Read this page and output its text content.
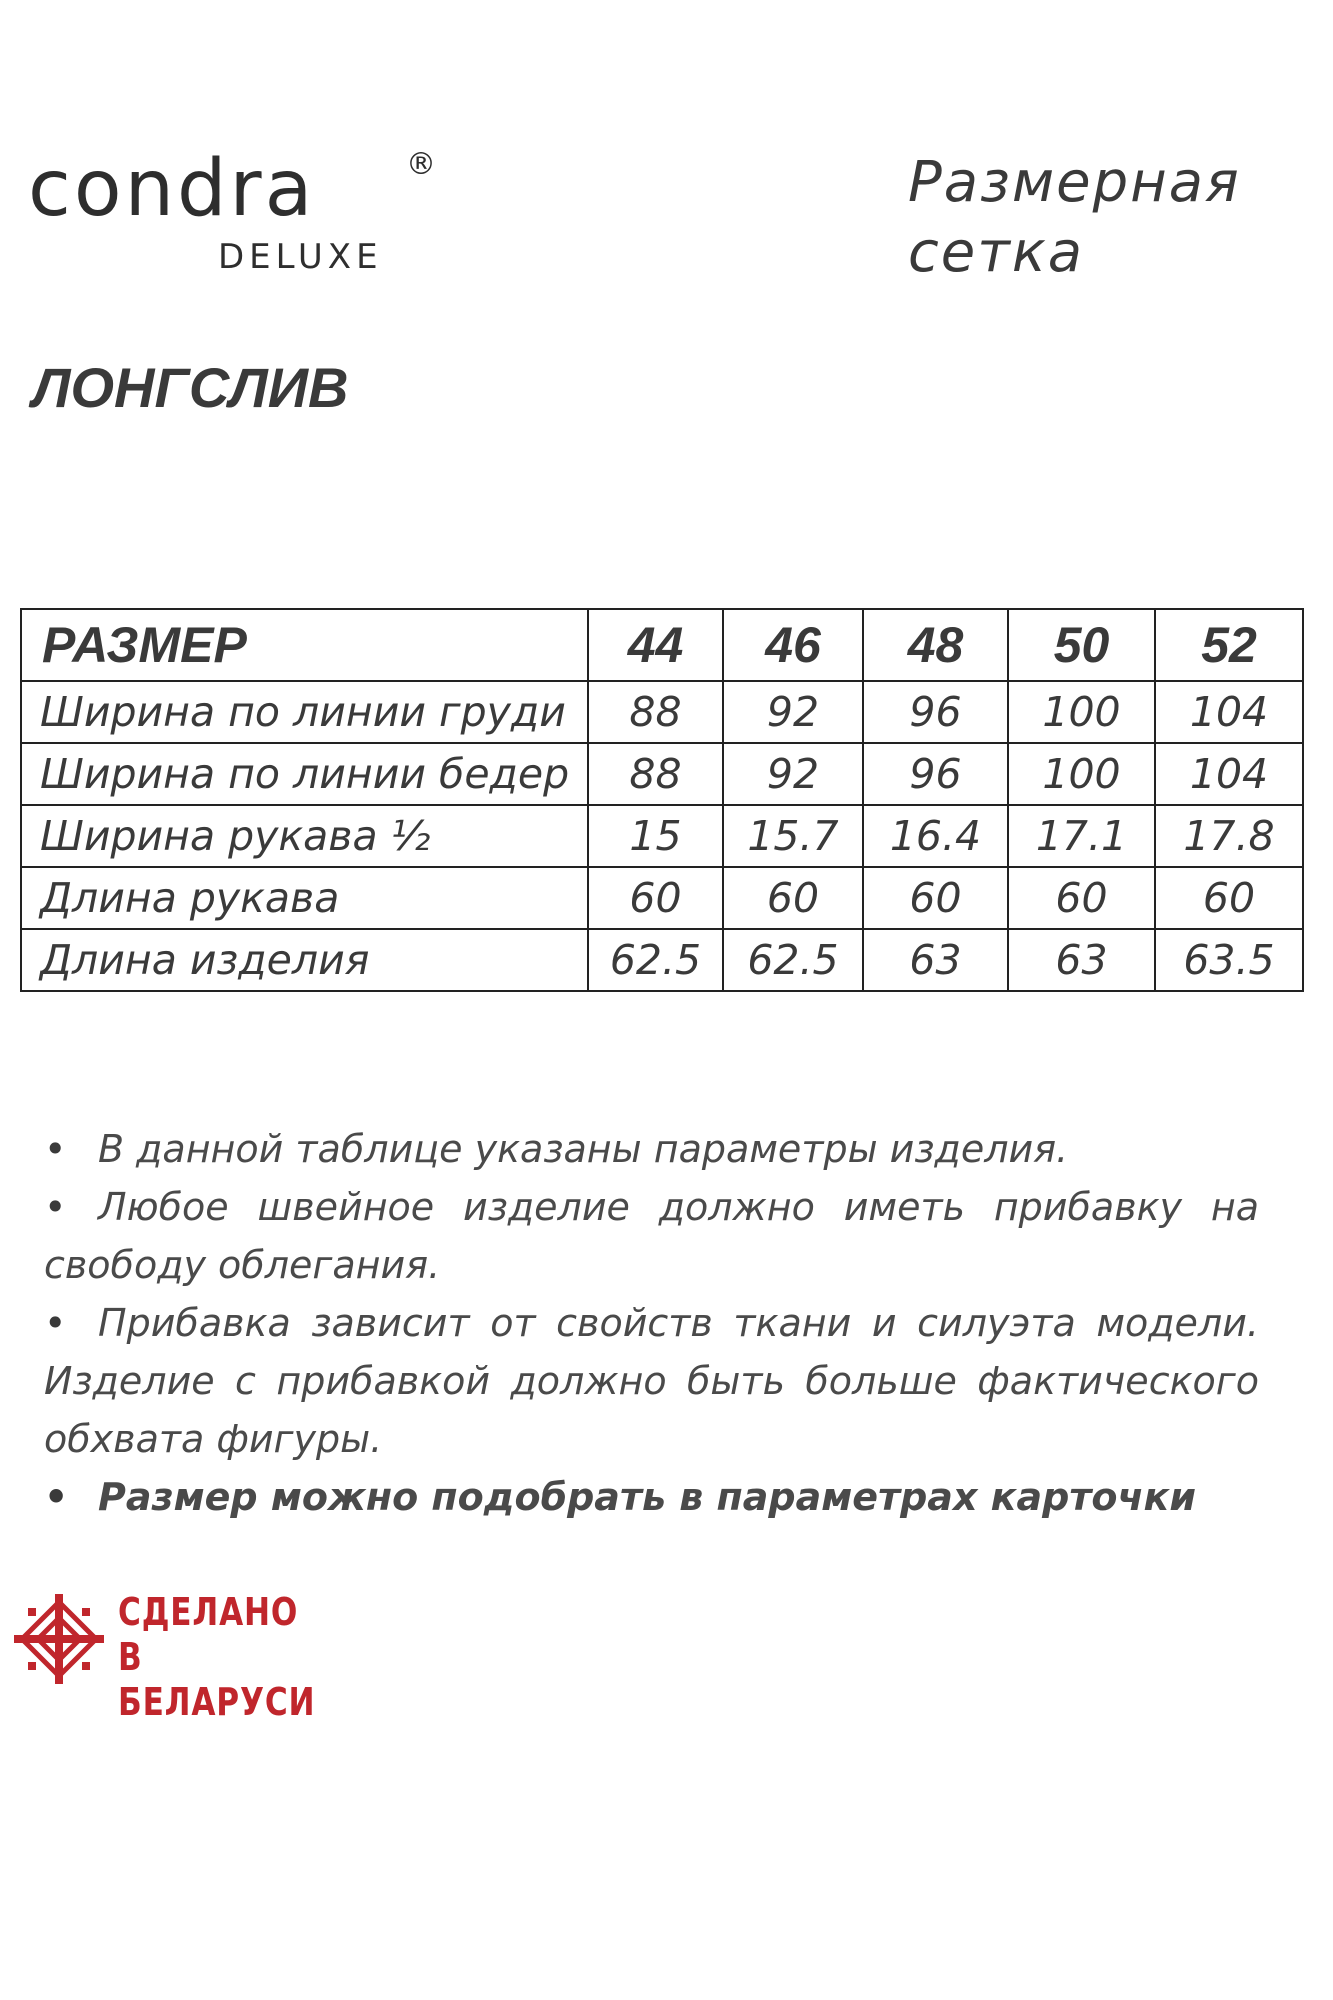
condra	®
DELUXE
Размерная
сетка
ЛОНГСЛИВ
РАЗМЕР	44	46	48	50	52
Ширина по линии груди	88	92	96	100	104
Ширина по линии бедер	88	92	96	100	104
Ширина рукава ½	15	15.7	16.4	17.1	17.8
Длина рукава	60	60	60	60	60
Длина изделия	62.5	62.5	63	63	63.5

• В данной таблице указаны параметры изделия.

• Любое швейное изделие должно иметь прибавку на свободу облегания.

• Прибавка зависит от свойств ткани и силуэта модели. Изделие с прибавкой должно быть больше фактического обхвата фигуры.

• Размер можно подобрать в параметрах карточки

СДЕЛАНО
В БЕЛАРУСИ
